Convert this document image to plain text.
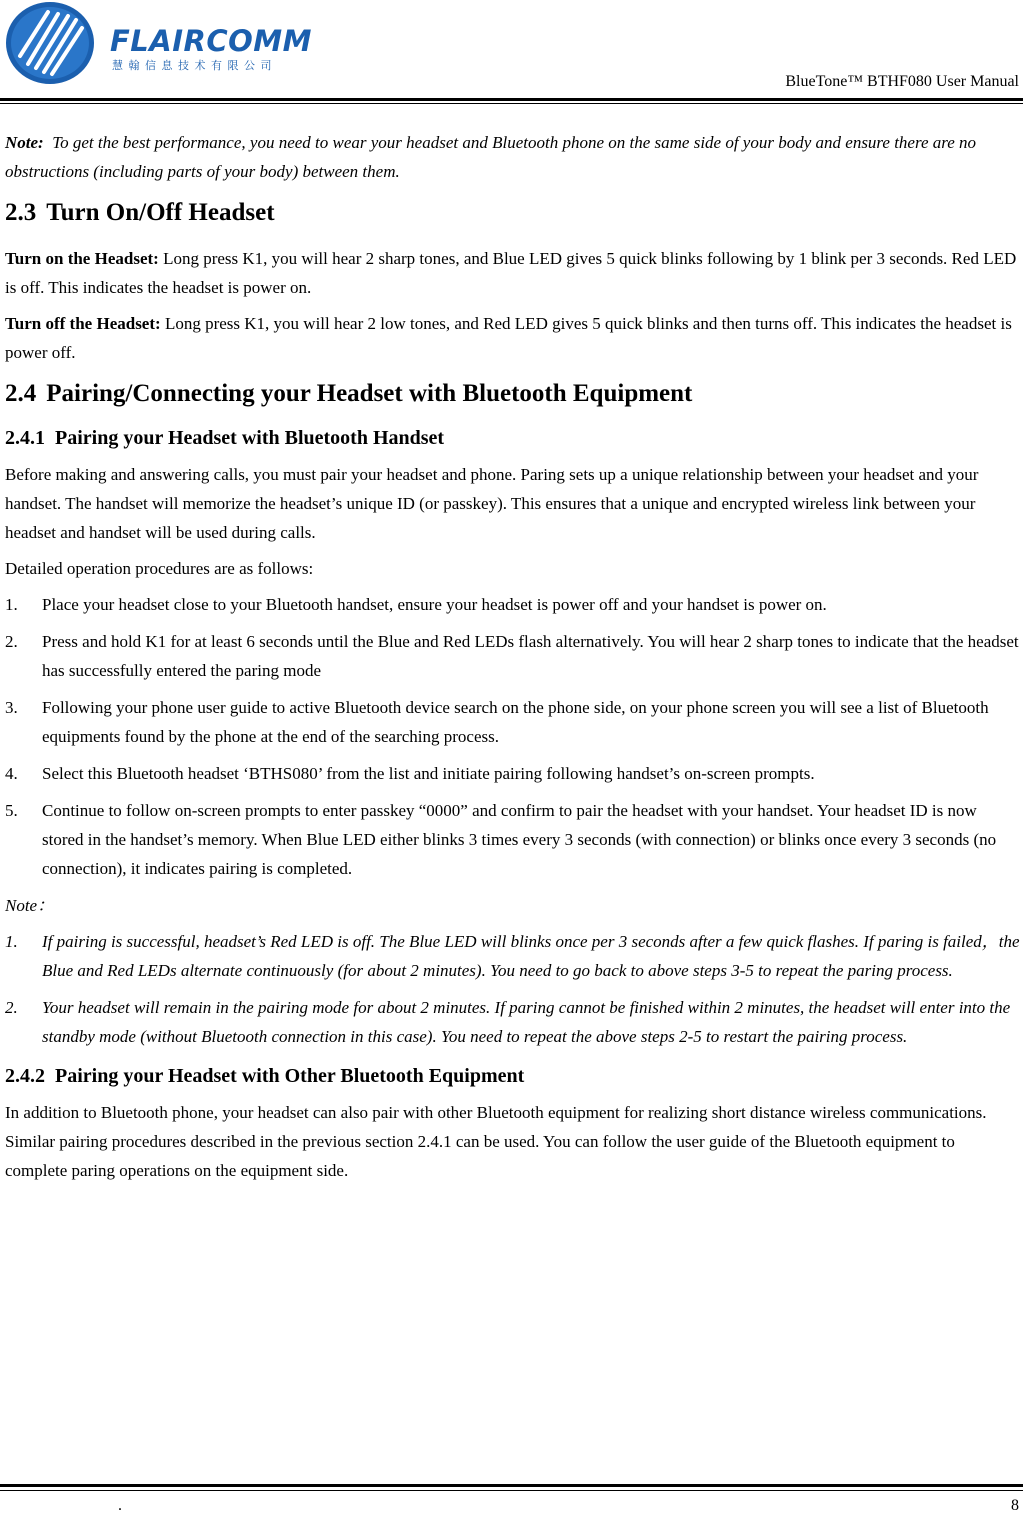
FLAIRCOMM
慧翰信息技术有限公司
BlueTone™ BTHF080 User Manual

Note: To get the best performance, you need to wear your headset and Bluetooth phone on the same side of your body and ensure there are no obstructions (including parts of your body) between them.

2.3 Turn On/Off Headset

Turn on the Headset: Long press K1, you will hear 2 sharp tones, and Blue LED gives 5 quick blinks following by 1 blink per 3 seconds. Red LED is off. This indicates the headset is power on.

Turn off the Headset: Long press K1, you will hear 2 low tones, and Red LED gives 5 quick blinks and then turns off. This indicates the headset is power off.

2.4 Pairing/Connecting your Headset with Bluetooth Equipment
2.4.1 Pairing your Headset with Bluetooth Handset

Before making and answering calls, you must pair your headset and phone. Paring sets up a unique relationship between your headset and your handset. The handset will memorize the headset’s unique ID (or passkey). This ensures that a unique and encrypted wireless link between your headset and handset will be used during calls.

Detailed operation procedures are as follows:

1. Place your headset close to your Bluetooth handset, ensure your headset is power off and your handset is power on.
2. Press and hold K1 for at least 6 seconds until the Blue and Red LEDs flash alternatively. You will hear 2 sharp tones to indicate that the headset has successfully entered the paring mode
3. Following your phone user guide to active Bluetooth device search on the phone side, on your phone screen you will see a list of Bluetooth equipments found by the phone at the end of the searching process.
4. Select this Bluetooth headset ‘BTHS080’ from the list and initiate pairing following handset’s on-screen prompts.
5. Continue to follow on-screen prompts to enter passkey “0000” and confirm to pair the headset with your handset. Your headset ID is now stored in the handset’s memory. When Blue LED either blinks 3 times every 3 seconds (with connection) or blinks once every 3 seconds (no connection), it indicates pairing is completed.

Note：

1. If pairing is successful, headset’s Red LED is off. The Blue LED will blinks once per 3 seconds after a few quick flashes. If paring is failed，the Blue and Red LEDs alternate continuously (for about 2 minutes). You need to go back to above steps 3-5 to repeat the paring process.
2. Your headset will remain in the pairing mode for about 2 minutes. If paring cannot be finished within 2 minutes, the headset will enter into the standby mode (without Bluetooth connection in this case). You need to repeat the above steps 2-5 to restart the pairing process.
2.4.2 Pairing your Headset with Other Bluetooth Equipment

In addition to Bluetooth phone, your headset can also pair with other Bluetooth equipment for realizing short distance wireless communications. Similar pairing procedures described in the previous section 2.4.1 can be used. You can follow the user guide of the Bluetooth equipment to complete paring operations on the equipment side.

.	8
